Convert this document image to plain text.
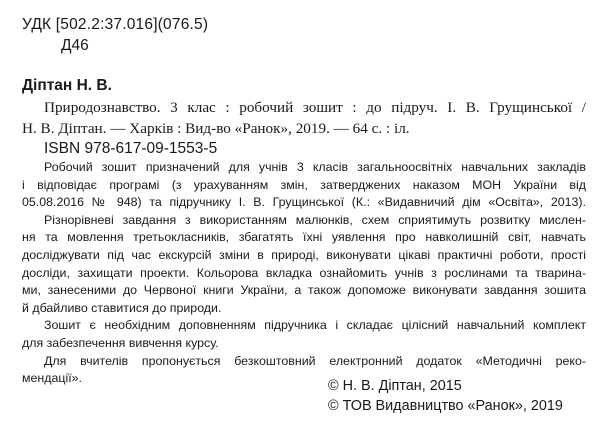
УДК [502.2:37.016](076.5)
Д46
Діптан Н. В.
Природознавство. 3 клас : робочий зошит : до підруч. І. В. Грущинської /
Н. В. Діптан. — Харків : Вид-во «Ранок», 2019. — 64 с. : іл.
ISBN 978-617-09-1553-5
Робочий зошит призначений для учнів 3 класів загальноосвітніх навчальних закладів
і відповідає програмі (з урахуванням змін, затверджених наказом МОН України від
05.08.2016 № 948) та підручнику І. В. Грущинської (К.: «Видавничий дім «Освіта», 2013).
Різнорівневі завдання з використанням малюнків, схем сприятимуть розвитку мислен-
ня та мовлення третьокласників, збагатять їхні уявлення про навколишній світ, навчать
досліджувати під час екскурсій зміни в природі, виконувати цікаві практичні роботи, прості
досліди, захищати проекти. Кольорова вкладка ознайомить учнів з рослинами та тварина-
ми, занесеними до Червоної книги України, а також допоможе виконувати завдання зошита
й дбайливо ставитися до природи.
Зошит є необхідним доповненням підручника і складає цілісний навчальний комплект
для забезпечення вивчення курсу.
Для вчителів пропонується безкоштовний електронний додаток «Методичні реко-
мендації».	© Н. В. Діптан, 2015
© ТОВ Видавництво «Ранок», 2019
